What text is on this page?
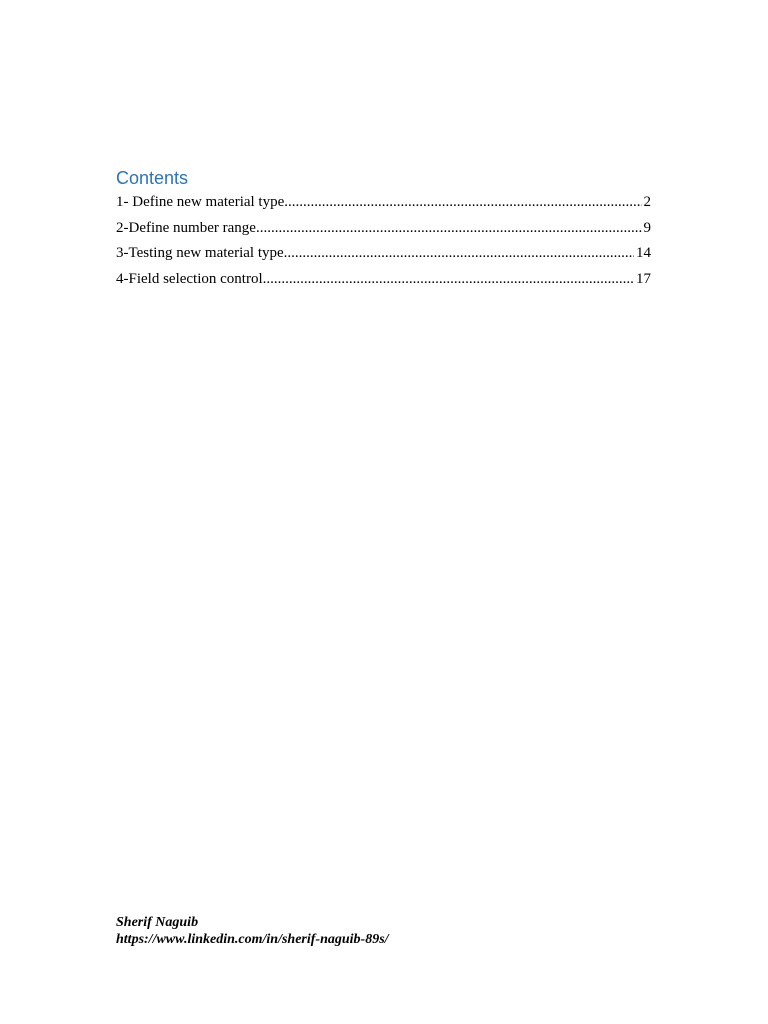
Contents
1- Define new material type .....	2
2-Define number range .....	9
3-Testing new material type .....	14
4-Field selection control .....	17
Sherif Naguib
https://www.linkedin.com/in/sherif-naguib-89s/
